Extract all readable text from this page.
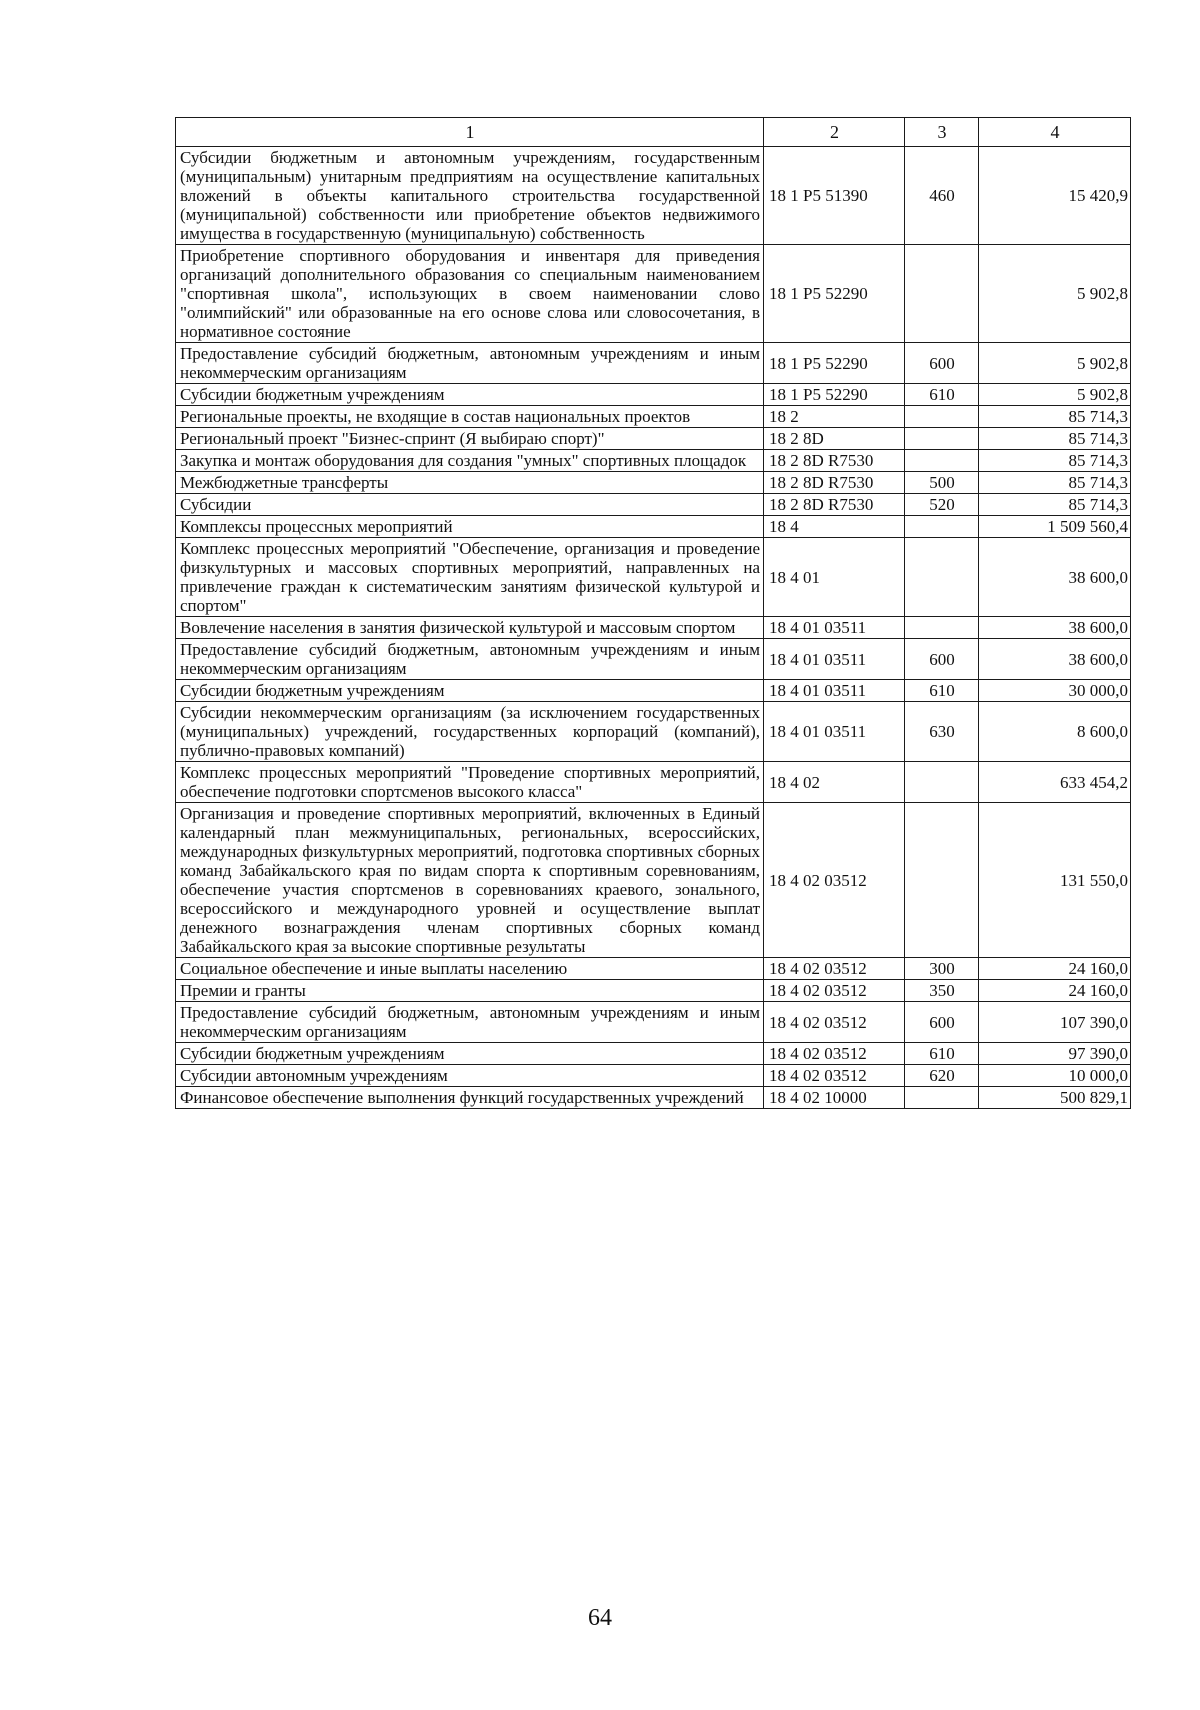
1	2	3	4
Субсидии бюджетным и автономным учреждениям, государственным (муниципальным) унитарным предприятиям на осуществление капитальных вложений в объекты капитального строительства государственной (муниципальной) собственности или приобретение объектов недвижимого имущества в государственную (муниципальную) собственность	18 1 P5 51390	460	15 420,9
Приобретение спортивного оборудования и инвентаря для приведения организаций дополнительного образования со специальным наименованием "спортивная школа", использующих в своем наименовании слово "олимпийский" или образованные на его основе слова или словосочетания, в нормативное состояние	18 1 P5 52290		5 902,8
Предоставление субсидий бюджетным, автономным учреждениям и иным некоммерческим организациям	18 1 P5 52290	600	5 902,8
Субсидии бюджетным учреждениям	18 1 P5 52290	610	5 902,8
Региональные проекты, не входящие в состав национальных проектов	18 2		85 714,3
Региональный проект "Бизнес-спринт (Я выбираю спорт)"	18 2 8D		85 714,3
Закупка и монтаж оборудования для создания "умных" спортивных площадок	18 2 8D R7530		85 714,3
Межбюджетные трансферты	18 2 8D R7530	500	85 714,3
Субсидии	18 2 8D R7530	520	85 714,3
Комплексы процессных мероприятий	18 4		1 509 560,4
Комплекс процессных мероприятий "Обеспечение, организация и проведение физкультурных и массовых спортивных мероприятий, направленных на привлечение граждан к систематическим занятиям физической культурой и спортом"	18 4 01		38 600,0
Вовлечение населения в занятия физической культурой и массовым спортом	18 4 01 03511		38 600,0
Предоставление субсидий бюджетным, автономным учреждениям и иным некоммерческим организациям	18 4 01 03511	600	38 600,0
Субсидии бюджетным учреждениям	18 4 01 03511	610	30 000,0
Субсидии некоммерческим организациям (за исключением государственных (муниципальных) учреждений, государственных корпораций (компаний), публично-правовых компаний)	18 4 01 03511	630	8 600,0
Комплекс процессных мероприятий "Проведение спортивных мероприятий, обеспечение подготовки спортсменов высокого класса"	18 4 02		633 454,2
Организация и проведение спортивных мероприятий, включенных в Единый календарный план межмуниципальных, региональных, всероссийских, международных физкультурных мероприятий, подготовка спортивных сборных команд Забайкальского края по видам спорта к спортивным соревнованиям, обеспечение участия спортсменов в соревнованиях краевого, зонального, всероссийского и международного уровней и осуществление выплат денежного вознаграждения членам спортивных сборных команд Забайкальского края за высокие спортивные результаты	18 4 02 03512		131 550,0
Социальное обеспечение и иные выплаты населению	18 4 02 03512	300	24 160,0
Премии и гранты	18 4 02 03512	350	24 160,0
Предоставление субсидий бюджетным, автономным учреждениям и иным некоммерческим организациям	18 4 02 03512	600	107 390,0
Субсидии бюджетным учреждениям	18 4 02 03512	610	97 390,0
Субсидии автономным учреждениям	18 4 02 03512	620	10 000,0
Финансовое обеспечение выполнения функций государственных учреждений	18 4 02 10000		500 829,1
64
